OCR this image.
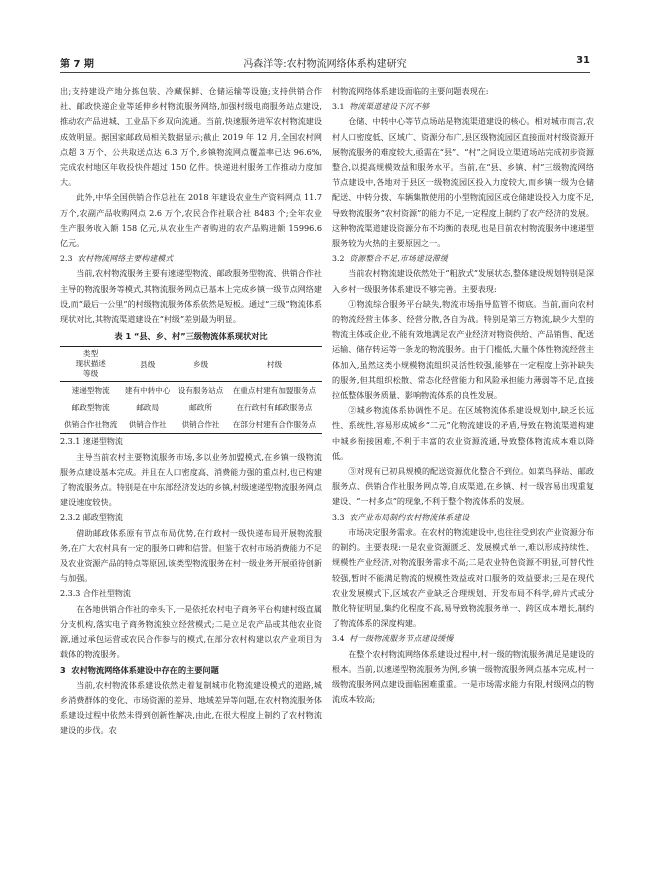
第 7 期	冯森洋等:农村物流网络体系构建研究	31

出;支持建设产地分拣包装、冷藏保鲜、仓储运输等设施;支持供销合作社、邮政快递企业等延伸乡村物流服务网络,加强村级电商服务站点建设,推动农产品进城、工业品下乡双向流通。当前,快速服务进军农村物流建设成效明显。据国家邮政局相关数据显示;截止 2019 年 12 月,全国农村网点超 3 万个、公共取送点达 6.3 万个,乡镇物流网点覆盖率已达 96.6%,完成农村地区年收投快件超过 150 亿件。快递进村服务工作推动力度加大。

此外,中华全国供销合作总社在 2018 年建设农业生产资料网点 11.7 万个,农副产品收购网点 2.6 万个,农民合作社联合社 8483 个;全年农业生产服务收入额 158 亿元,从农业生产者购进的农产品购进额 15996.6 亿元。

2.3 农村物流网络主要构建模式

当前,农村物流服务主要有速递型物流、邮政服务型物流、供销合作社主导的物流服务等模式,其物流服务网点已基本上完成乡镇一级节点网络建设,而“最后一公里”的村级物流服务体系依然是短板。通过“三级”物流体系现状对比,其物流渠道建设在“村级”差别最为明显。

表 1 “县、乡、村”三级物流体系现状对比
类型
现状描述
等级	县级	乡级	村级
速递型物流	建有中转中心	设有服务站点	在重点村建有加盟服务点
邮政型物流	邮政局	邮政所	在行政村有邮政服务点
供销合作社物流	供销合作社	供销合作社	在部分村建有合作服务点
2.3.1 速递型物流

主导当前农村主要物流服务市场,多以业务加盟模式,在乡镇一级物流服务点建设基本完成。并且在人口密度高、消费能力强的重点村,也已构建了物流服务点。特别是在中东部经济发达的乡镇,村级速递型物流服务网点建设速度较快。

2.3.2 邮政型物流

借助邮政体系原有节点布局优势,在行政村一级快递布局开展物流服务,在广大农村具有一定的服务口碑和信誉。但鉴于农村市场消费能力不足及农业资源产品的特点等原因,该类型物流服务在村一级业务开展亟待创新与加强。

2.3.3 合作社型物流

在各地供销合作社的牵头下,一是依托农村电子商务平台构建村级直属分支机构,落实电子商务物流独立经营模式;二是立足农产品或其他农业资源,通过承包运营或农民合作参与的模式,在部分农村构建以农产业项目为载体的物流服务。

3 农村物流网络体系建设中存在的主要问题

当前,农村物流体系建设依然走着复制城市化物流建设模式的道路,城乡消费群体的变化、市场资源的差异、地域差异等问题,在农村物流服务体系建设过程中依然未得到创新性解决,由此,在很大程度上制约了农村物流建设的步伐。农

村物流网络体系建设面临的主要问题表现在:

3.1 物流渠道建设下沉不够

仓储、中转中心等节点场站是物流渠道建设的核心。相对城市而言,农村人口密度低、区域广、资源分布广,县区级物流园区直接面对村级资源开展物流服务的难度较大,亟需在“县”、“村”之间设立渠道场站完成初步资源整合,以提高规模效益和服务水平。当前,在“县、乡镇、村”三级物流网络节点建设中,各地对于县区一级物流园区投入力度较大,而乡镇一级为仓储配送、中转分拨、车辆集散使用的小型物流园区或仓储建设投入力度不足,导致物流服务“农村资源”的能力不足,一定程度上制约了农产经济的发展。这种物流渠道建设资源分布不均衡的表现,也是目前农村物流服务中速递型服务较为火热的主要原因之一。

3.2 资源整合不足,市场建设滞缓

当前农村物流建设依然处于“粗放式”发展状态,整体建设规划特别是深入乡村一级服务体系建设不够完善。主要表现:

①物流综合服务平台缺失,物流市场指导监管不彻底。当前,面向农村的物流经营主体多、经营分散,各自为战。特别是第三方物流,缺少大型的物流主体或企业,不能有效地满足农产业经济对物资供给、产品销售、配送运输、储存转运等一条龙的物流服务。由于门槛低,大量个体性物流经营主体加入,虽然这类小规模物流组织灵活性较强,能够在一定程度上弥补缺失的服务,但其组织松散、常态化经营能力和风险承担能力薄弱等不足,直接拉低整体服务质量、影响物流体系的良性发展。

②城乡物流体系协调性不足。在区域物流体系建设规划中,缺乏长远性、系统性,容易形成城乡“二元”化物流建设的矛盾,导致在物流渠道构建中城乡衔接困难,不利于丰富的农业资源流通,导致整体物流成本难以降低。

③对现有已初具规模的配送资源优化整合不到位。如菜鸟驿站、邮政服务点、供销合作社服务网点等,自成渠道,在乡镇、村一级容易出现重复建设、“一村多点”的现象,不利于整个物流体系的发展。

3.3 农产业布局制约农村物流体系建设

市场决定服务需求。在农村的物流建设中,也往往受到农产业资源分布的制约。主要表现:一是农业资源匮乏、发展模式单一,难以形成持续性、规模性产业经济,对物流服务需求不高;二是农业特色资源不明显,可替代性较强,暂时不能满足物流的规模性效益或对口服务的效益要求;三是在现代农业发展模式下,区域农产业缺乏合理规划、开发布局不科学,碎片式或分散化特征明显,集约化程度不高,易导致物流服务单一、跨区成本增长,制约了物流体系的深度构建。

3.4 村一级物流服务节点建设缓慢

在整个农村物流网络体系建设过程中,村一级的物流服务满足是建设的根本。当前,以速递型物流服务为例,乡镇一级物流服务网点基本完成,村一级物流服务网点建设面临困难重重。一是市场需求能力有限,村级网点的物流成本较高;
